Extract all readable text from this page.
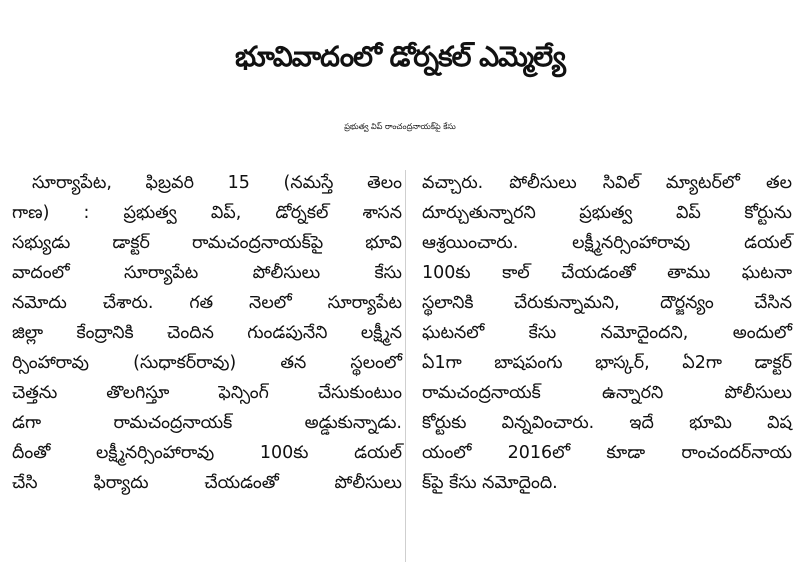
భూవివాదంలో డోర్నకల్ ఎమ్మెల్యే
ప్రభుత్వ విప్ రాంచంద్రనాయక్‌పై కేసు
సూర్యాపేట, ఫిబ్రవరి 15 (నమస్తే తెలం
గాణ) : ప్రభుత్వ విప్, డోర్నకల్ శాసన
సభ్యుడు డాక్టర్ రామచంద్రనాయక్‌పై భూవి
వాదంలో సూర్యాపేట పోలీసులు కేసు
నమోదు చేశారు. గత నెలలో సూర్యాపేట
జిల్లా కేంద్రానికి చెందిన గుండపునేని లక్ష్మీన
ర్సింహారావు (సుధాకర్‌రావు) తన స్థలంలో
చెత్తను తొలగిస్తూ ఫెన్సింగ్ చేసుకుంటుం
డగా రామచంద్రనాయక్ అడ్డుకున్నాడు.
దీంతో లక్ష్మీనర్సింహారావు 100కు డయల్
చేసి ఫిర్యాదు చేయడంతో పోలీసులు
వచ్చారు. పోలీసులు సివిల్ మ్యాటర్‌లో తల
దూర్చుతున్నారని ప్రభుత్వ విప్ కోర్టును
ఆశ్రయించారు. లక్ష్మీనర్సింహారావు డయల్
100కు కాల్ చేయడంతో తాము ఘటనా
స్థలానికి చేరుకున్నామని, దౌర్జన్యం చేసిన
ఘటనలో కేసు నమోదైందని, అందులో
ఏ1గా బాషపంగు భాస్కర్, ఏ2గా డాక్టర్
రామచంద్రనాయక్ ఉన్నారని పోలీసులు
కోర్టుకు విన్నవించారు. ఇదే భూమి విష
యంలో 2016లో కూడా రాంచందర్‌నాయ
క్‌పై కేసు నమోదైంది.
